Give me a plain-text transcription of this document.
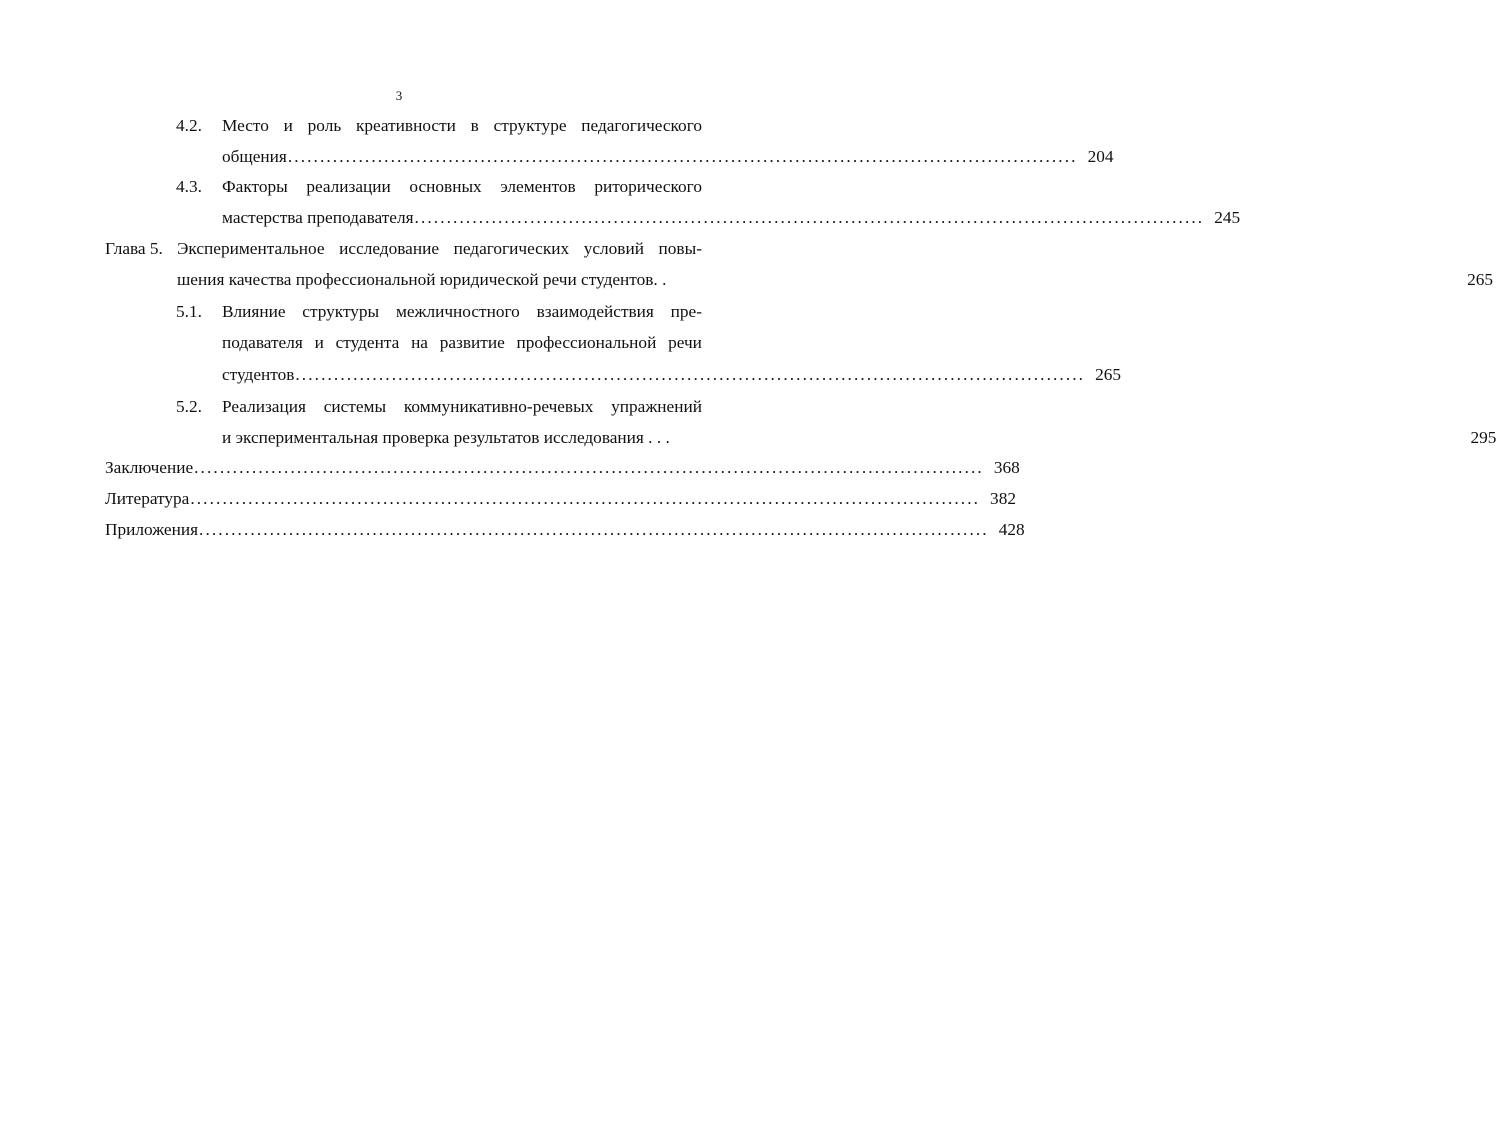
3
4.2. Место и роль креативности в структуре педагогического
общения ........................................................................................................................... 204
4.3. Факторы реализации основных элементов риторического
мастерства преподавателя ........................................................................................................................... 245
Глава 5. Экспериментальное исследование педагогических условий повы-
шения качества профессиональной юридической речи студентов. .	265
5.1. Влияние структуры межличностного взаимодействия пре-
подавателя и студента на развитие профессиональной речи
студентов ........................................................................................................................... 265
5.2. Реализация системы коммуникативно-речевых упражнений
и экспериментальная проверка результатов исследования . . .	295
Заключение ........................................................................................................................... 368
Литература ........................................................................................................................... 382
Приложения ........................................................................................................................... 428
